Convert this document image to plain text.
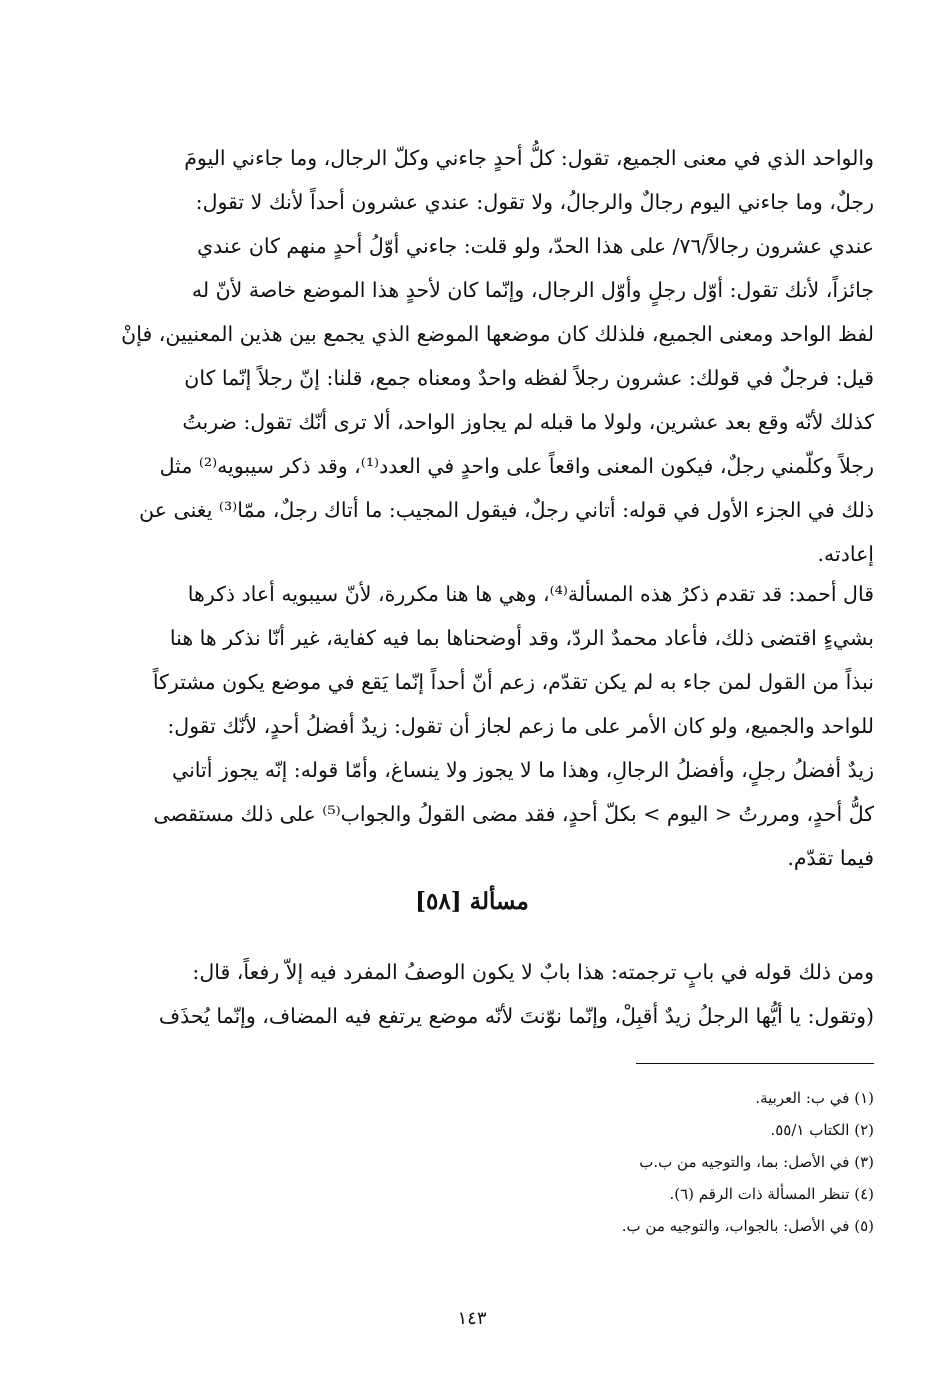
والواحد الذي في معنى الجميع، تقول: كلُّ أحدٍ جاءني وكلّ الرجال، وما جاءني اليومَ
رجلٌ، وما جاءني اليوم رجالٌ والرجالُ، ولا تقول: عندي عشرون أحداً لأنك لا تقول:
عندي عشرون رجالاً/٧٦/ على هذا الحدّ، ولو قلت: جاءني أوّلُ أحدٍ منهم كان عندي
جائزاً، لأنك تقول: أوّل رجلٍ وأوّل الرجال، وإنّما كان لأحدٍ هذا الموضع خاصة لأنّ له
لفظ الواحد ومعنى الجميع، فلذلك كان موضعها الموضع الذي يجمع بين هذين المعنيين، فإنْ
قيل: فرجلٌ في قولك: عشرون رجلاً لفظه واحدٌ ومعناه جمع، قلنا: إنّ رجلاً إنّما كان
كذلك لأنّه وقع بعد عشرين، ولولا ما قبله لم يجاوز الواحد، ألا ترى أنّك تقول: ضربتُ
رجلاً وكلّمني رجلٌ، فيكون المعنى واقعاً على واحدٍ في العدد⁽¹⁾، وقد ذكر سيبويه⁽²⁾ مثل
ذلك في الجزء الأول في قوله: أتاني رجلٌ، فيقول المجيب: ما أتاك رجلٌ، ممّا⁽³⁾ يغنى عن
إعادته.
قال أحمد: قد تقدم ذكرُ هذه المسألة⁽⁴⁾، وهي ها هنا مكررة، لأنّ سيبويه أعاد ذكرها
بشيءٍ اقتضى ذلك، فأعاد محمدٌ الردّ، وقد أوضحناها بما فيه كفاية، غير أنّا نذكر ها هنا
نبذاً من القول لمن جاء به لم يكن تقدّم، زعم أنّ أحداً إنّما يَقع في موضع يكون مشتركاً
للواحد والجميع، ولو كان الأمر على ما زعم لجاز أن تقول: زيدٌ أفضلُ أحدٍ، لأنّك تقول:
زيدٌ أفضلُ رجلٍ، وأفضلُ الرجالِ، وهذا ما لا يجوز ولا ينساغ، وأمّا قوله: إنّه يجوز أتاني
كلُّ أحدٍ، ومررتُ < اليوم > بكلّ أحدٍ، فقد مضى القولُ والجواب⁽⁵⁾ على ذلك مستقصى
فيما تقدّم.
مسألة [٥٨]
ومن ذلك قوله في بابٍ ترجمته: هذا بابٌ لا يكون الوصفُ المفرد فيه إلاّ رفعاً، قال:
(وتقول: يا أيُّها الرجلُ زيدٌ أقبِلْ، وإنّما نوّنتَ لأنّه موضع يرتفع فيه المضاف، وإنّما يُحذَف
(١) في ب: العربية.
(٢) الكتاب ٥٥/١.
(٣) في الأصل: بما، والتوجيه من ب.ب
(٤) تنظر المسألة ذات الرقم (٦).
(٥) في الأصل: بالجواب، والتوجيه من ب.
١٤٣
